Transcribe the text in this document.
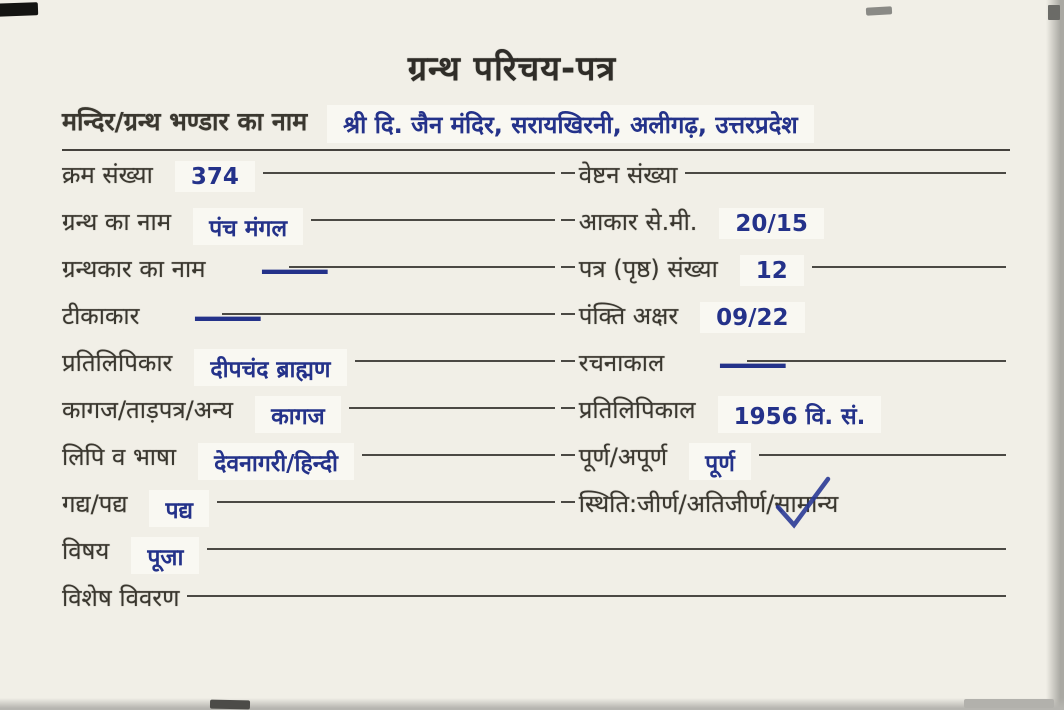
ग्रन्थ परिचय-पत्र
मन्दिर/ग्रन्थ भण्डार का नाम	श्री दि. जैन मंदिर, सरायखिरनी, अलीगढ़, उत्तरप्रदेश
क्रम संख्या	374	वेष्टन संख्या
ग्रन्थ का नाम	पंच मंगल	आकार से.मी.	20/15
ग्रन्थकार का नाम —	पत्र (पृष्ठ) संख्या	12
टीकाकार —	पंक्ति अक्षर	09/22
प्रतिलिपिकार	दीपचंद ब्राह्मण	रचनाकाल —
कागज/ताड़पत्र/अन्य	कागज	प्रतिलिपिकाल	1956 वि. सं.
लिपि व भाषा	देवनागरी/हिन्दी	पूर्ण/अपूर्ण	पूर्ण
गद्य/पद्य	पद्य	स्थिति:जीर्ण/अतिजीर्ण/ सामान्य
विषय	पूजा
विशेष विवरण
